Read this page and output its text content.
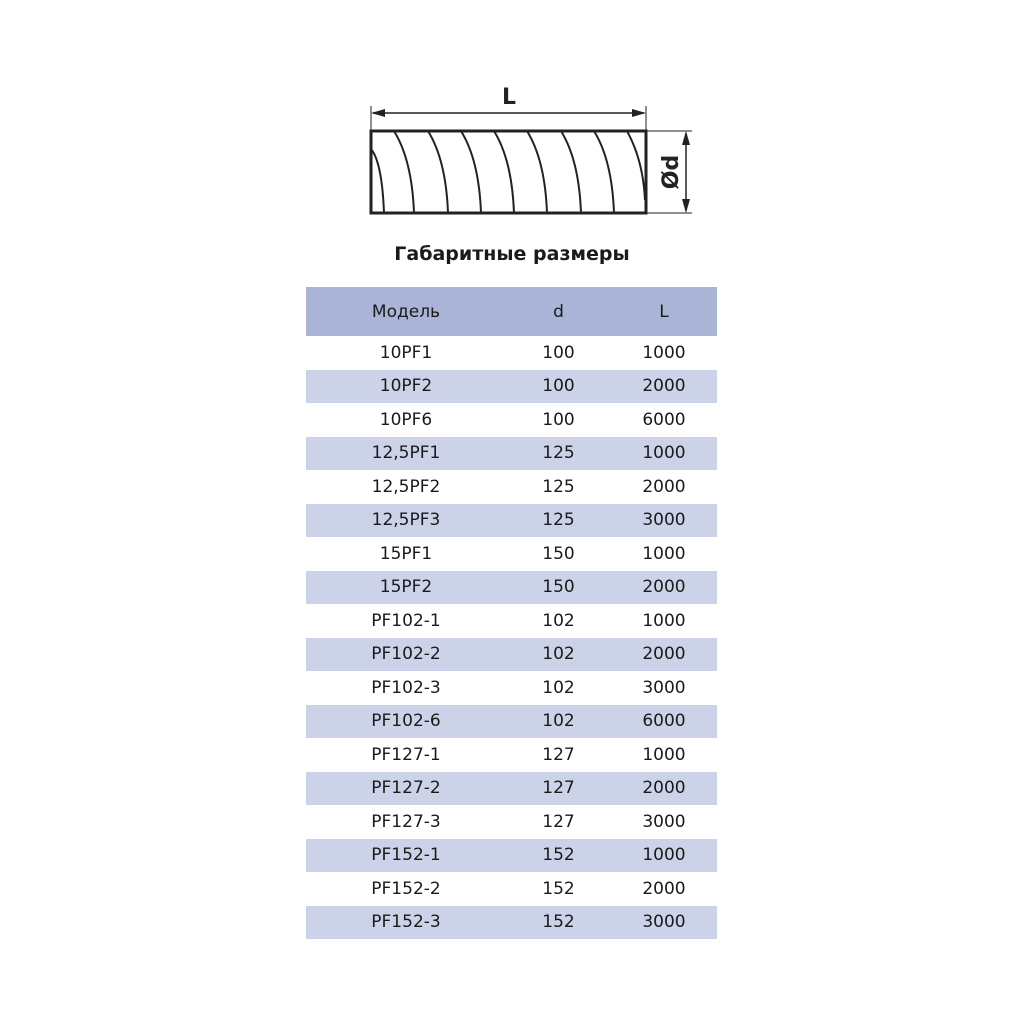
L
Ød
Габаритные размеры
Модель	d	L
10PF1	100	1000
10PF2	100	2000
10PF6	100	6000
12,5PF1	125	1000
12,5PF2	125	2000
12,5PF3	125	3000
15PF1	150	1000
15PF2	150	2000
PF102-1	102	1000
PF102-2	102	2000
PF102-3	102	3000
PF102-6	102	6000
PF127-1	127	1000
PF127-2	127	2000
PF127-3	127	3000
PF152-1	152	1000
PF152-2	152	2000
PF152-3	152	3000
